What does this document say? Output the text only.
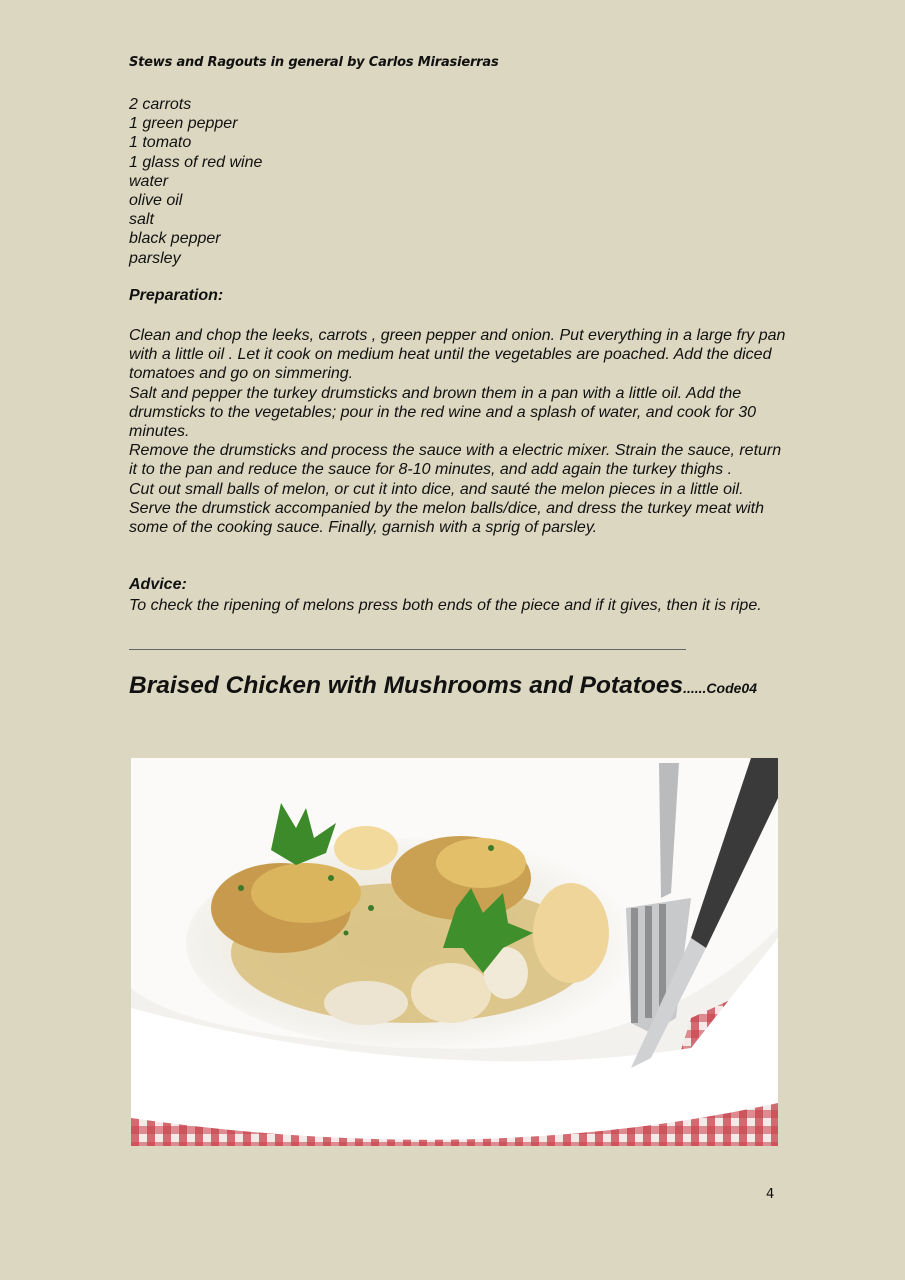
Stews and Ragouts in general by Carlos Mirasierras
2 carrots
1 green pepper
1 tomato
1 glass of red wine
water
olive oil
salt
black pepper
parsley
Preparation:

Clean and chop the leeks, carrots , green pepper and onion. Put everything in a large fry pan with a little oil . Let it cook on medium heat until the vegetables are poached. Add the diced tomatoes and go on simmering.

Salt and pepper the turkey drumsticks and brown them in a pan with a little oil. Add the drumsticks to the vegetables; pour in the red wine and a splash of water, and cook for 30 minutes.

Remove the drumsticks and process the sauce with a electric mixer. Strain the sauce, return it to the pan and reduce the sauce for 8-10 minutes, and add again the turkey thighs .

Cut out small balls of melon, or cut it into dice, and sauté the melon pieces in a little oil. Serve the drumstick accompanied by the melon balls/dice, and dress the turkey meat with some of the cooking sauce. Finally, garnish with a sprig of parsley.

Advice:
To check the ripening of melons press both ends of the piece and if it gives, then it is ripe.
Braised Chicken with Mushrooms and Potatoes......Code04
4
